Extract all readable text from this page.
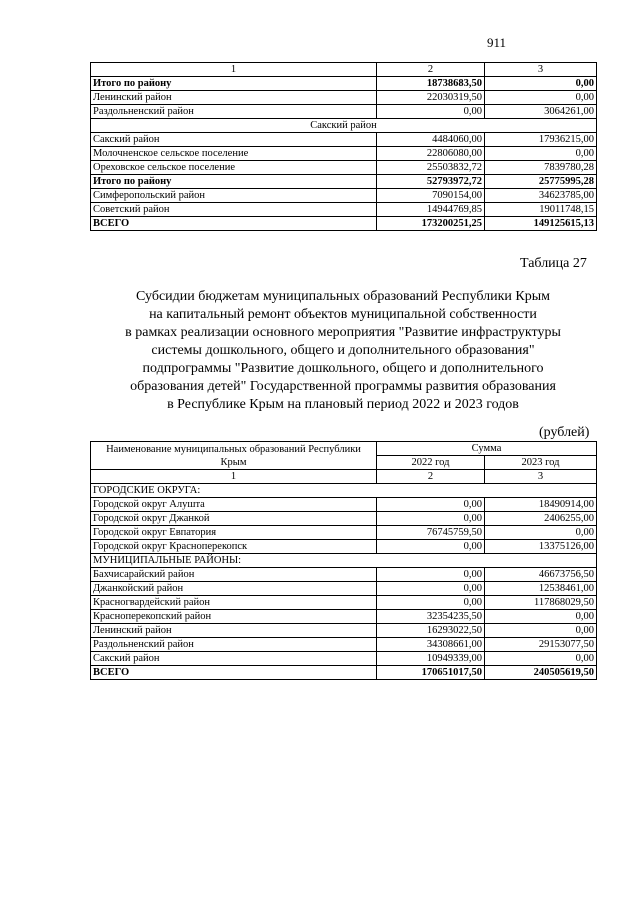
911
1	2	3
Итого по району	18738683,50	0,00
Ленинский район	22030319,50	0,00
Раздольненский район	0,00	3064261,00
Сакский район		
Сакский район	4484060,00	17936215,00
Молочненское сельское поселение	22806080,00	0,00
Ореховское сельское поселение	25503832,72	7839780,28
Итого по району	52793972,72	25775995,28
Симферопольский район	7090154,00	34623785,00
Советский район	14944769,85	19011748,15
ВСЕГО	173200251,25	149125615,13
Таблица 27
Субсидии бюджетам муниципальных образований Республики Крым
на капитальный ремонт объектов муниципальной собственности
в рамках реализации основного мероприятия "Развитие инфраструктуры
системы дошкольного, общего и дополнительного образования"
подпрограммы "Развитие дошкольного, общего и дополнительного
образования детей" Государственной программы развития образования
в Республике Крым на плановый период 2022 и 2023 годов
(рублей)
Наименование муниципальных образований Республики Крым	Сумма	
	2022 год	2023 год
1	2	3
ГОРОДСКИЕ ОКРУГА:		
Городской округ Алушта	0,00	18490914,00
Городской округ Джанкой	0,00	2406255,00
Городской округ Евпатория	76745759,50	0,00
Городской округ Красноперекопск	0,00	13375126,00
МУНИЦИПАЛЬНЫЕ РАЙОНЫ:		
Бахчисарайский район	0,00	46673756,50
Джанкойский район	0,00	12538461,00
Красногвардейский район	0,00	117868029,50
Красноперекопский район	32354235,50	0,00
Ленинский район	16293022,50	0,00
Раздольненский район	34308661,00	29153077,50
Сакский район	10949339,00	0,00
ВСЕГО	170651017,50	240505619,50
